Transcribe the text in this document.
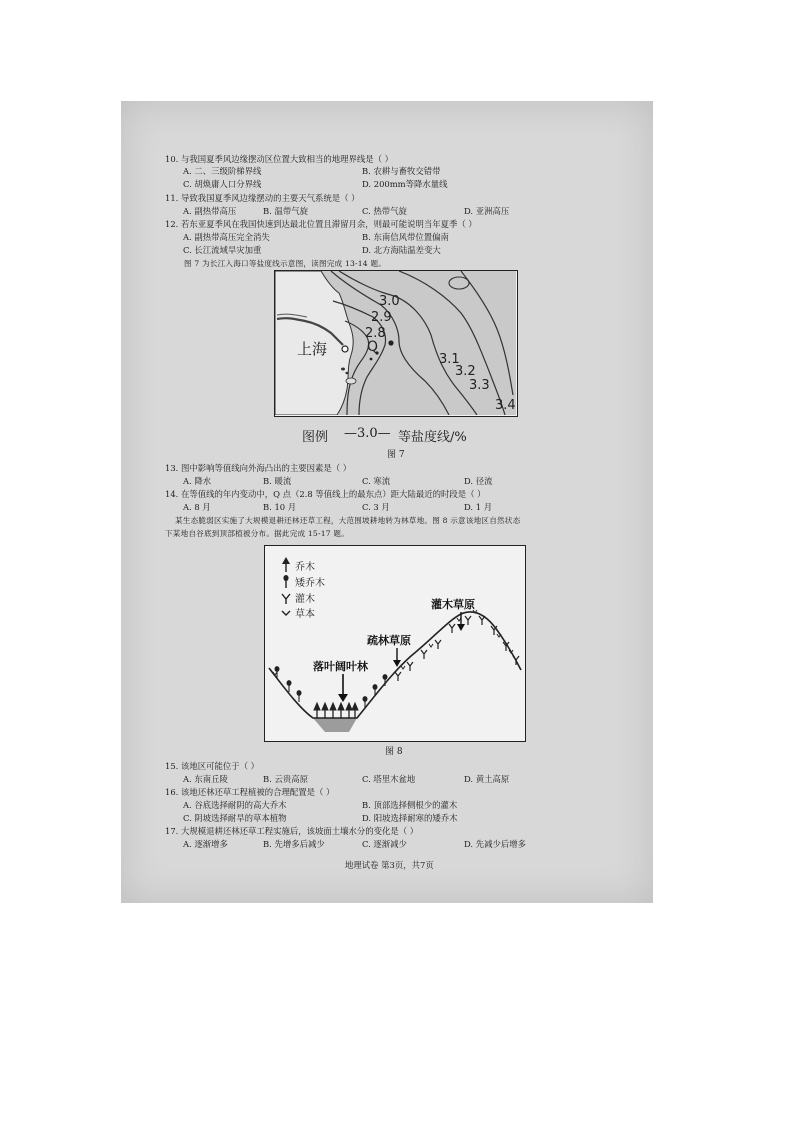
10. 与我国夏季风边缘摆动区位置大致相当的地理界线是（ ）
A. 二、三级阶梯界线	B. 农耕与畜牧交错带
C. 胡焕庸人口分界线	D. 200mm等降水量线
11. 导致我国夏季风边缘摆动的主要天气系统是（ ）
A. 副热带高压	B. 温带气旋	C. 热带气旋	D. 亚洲高压
12. 若东亚夏季风在我国快速到达最北位置且滞留月余，则最可能说明当年夏季（ ）
A. 副热带高压完全消失	B. 东南信风带位置偏南
C. 长江流域旱灾加重	D. 北方海陆温差变大
图 7 为长江入海口等盐度线示意图，读图完成 13-14 题。
上海	Q
3.0
2.9
2.8
3.1
3.2
3.3
3.4
图例 —3.0— 等盐度线/%
图 7
13. 图中影响等值线向外海凸出的主要因素是（ ）
A. 降水	B. 暖流	C. 寒流	D. 径流
14. 在等值线的年内变动中，Q 点（2.8 等值线上的最东点）距大陆最近的时段是（ ）
A. 8 月	B. 10 月	C. 3 月	D. 1 月
某生态脆弱区实施了大规模退耕还林还草工程，大范围坡耕地转为林草地。图 8 示意该地区自然状态
下某地自谷底到顶部植被分布。据此完成 15-17 题。
乔木
矮乔木
灌木
草本
落叶阔叶林
疏林草原
灌木草原
图 8
15. 该地区可能位于（ ）
A. 东南丘陵	B. 云贵高原	C. 塔里木盆地	D. 黄土高原
16. 该地还林还草工程植被的合理配置是（ ）
A. 谷底选择耐阴的高大乔木	B. 顶部选择侧根少的灌木
C. 阴坡选择耐旱的草本植物	D. 阳坡选择耐寒的矮乔木
17. 大规模退耕还林还草工程实施后，该坡面土壤水分的变化是（ ）
A. 逐渐增多	B. 先增多后减少	C. 逐渐减少	D. 先减少后增多
地理试卷 第3页，共7页
